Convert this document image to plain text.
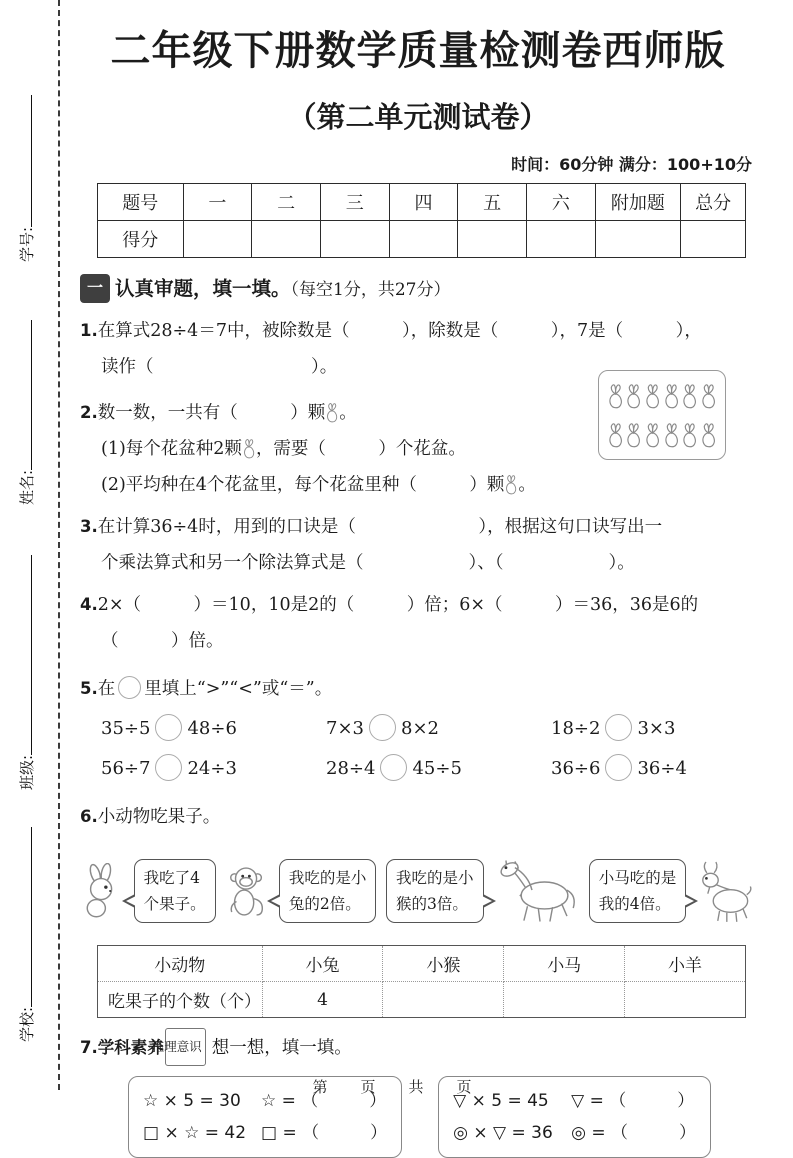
学号:
姓名:
班级:
学校:
二年级下册数学质量检测卷西师版
（第二单元测试卷）
时间：60分钟 满分：100+10分
题号	一	二	三	四	五	六	附加题	总分
得分								
一 认真审题，填一填。（每空1分，共27分）
1.在算式28÷4＝7中，被除数是（　　　），除数是（　　　），7是（　　　），
读作（　　　　　　　　　）。
2.数一数，一共有（　　　）颗 。
(1)每个花盆种2颗 ，需要（　　　）个花盆。
(2)平均种在4个花盆里，每个花盆里种（　　　）颗 。
3.在计算36÷4时，用到的口诀是（　　　　　　　），根据这句口诀写出一
个乘法算式和另一个除法算式是（　　　　　　）、（　　　　　　）。
4.2×（　　　）＝10，10是2的（　　　）倍；6×（　　　）＝36，36是6的
（　　　）倍。
5.在 里填上“>”“<”或“＝”。
35÷5 48÷6	7×3 8×2	18÷2 3×3
56÷7 24÷3	28÷4 45÷5	36÷6 36÷4
6.小动物吃果子。
我吃了4
个果子。
我吃的是小
兔的2倍。
我吃的是小
猴的3倍。
小马吃的是
我的4倍。
小动物	小兔	小猴	小马	小羊
吃果子的个数（个）	4			
7.学科素养·推理意识 想一想，填一填。
☆ × 5 = 30 ☆ = （　　　）
□ × ☆ = 42 □ = （　　　）
▽ × 5 = 45 ▽ = （　　　）
◎ × ▽ = 36 ◎ = （　　　）
第　页　共　页
